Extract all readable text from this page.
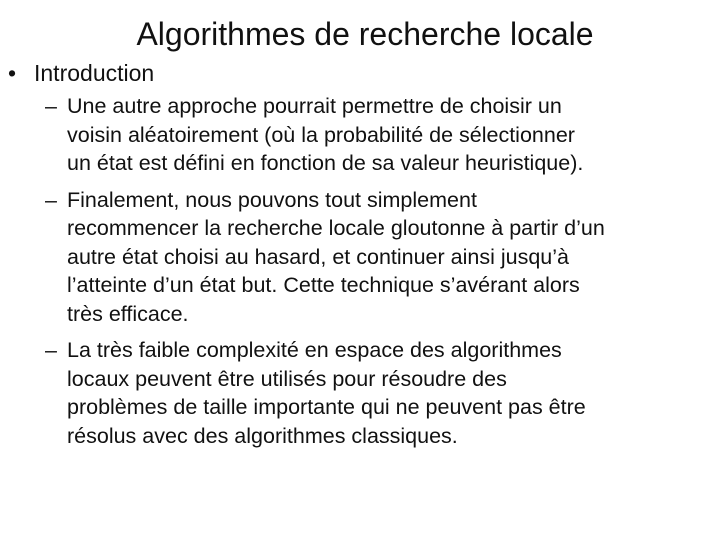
Algorithmes de recherche locale
• Introduction
– Une autre approche pourrait permettre de choisir un
voisin aléatoirement (où la probabilité de sélectionner
un état est défini en fonction de sa valeur heuristique).
– Finalement, nous pouvons tout simplement
recommencer la recherche locale gloutonne à partir d’un
autre état choisi au hasard, et continuer ainsi jusqu’à
l’atteinte d’un état but. Cette technique s’avérant alors
très efficace.
– La très faible complexité en espace des algorithmes
locaux peuvent être utilisés pour résoudre des
problèmes de taille importante qui ne peuvent pas être
résolus avec des algorithmes classiques.
